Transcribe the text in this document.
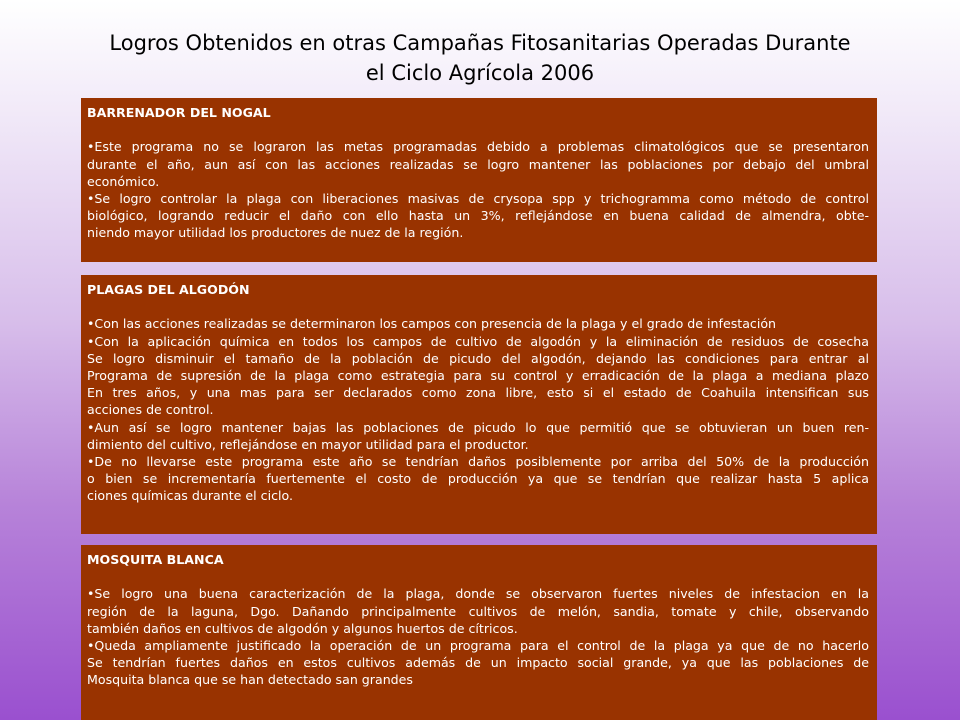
Logros Obtenidos en otras Campañas Fitosanitarias Operadas Durante
el Ciclo Agrícola 2006
BARRENADOR DEL NOGAL
•Este programa no se lograron las metas programadas debido a problemas climatológicos que se presentaron
durante el año, aun así con las acciones realizadas se logro mantener las poblaciones por debajo del umbral
económico.
•Se logro controlar la plaga con liberaciones masivas de crysopa spp y trichogramma como método de control
biológico, logrando reducir el daño con ello hasta un 3%, reflejándose en buena calidad de almendra, obte-
niendo mayor utilidad los productores de nuez de la región.
PLAGAS DEL ALGODÓN
•Con las acciones realizadas se determinaron los campos con presencia de la plaga y el grado de infestación
•Con la aplicación química en todos los campos de cultivo de algodón y la eliminación de residuos de cosecha
Se logro disminuir el tamaño de la población de picudo del algodón, dejando las condiciones para entrar al
Programa de supresión de la plaga como estrategia para su control y erradicación de la plaga a mediana plazo
En tres años, y una mas para ser declarados como zona libre, esto si el estado de Coahuila intensifican sus
acciones de control.
•Aun así se logro mantener bajas las poblaciones de picudo lo que permitió que se obtuvieran un buen ren-
dimiento del cultivo, reflejándose en mayor utilidad para el productor.
•De no llevarse este programa este año se tendrían daños posiblemente por arriba del 50% de la producción
o bien se incrementaría fuertemente el costo de producción ya que se tendrían que realizar hasta 5 aplica
ciones químicas durante el ciclo.
MOSQUITA BLANCA
•Se logro una buena caracterización de la plaga, donde se observaron fuertes niveles de infestacion en la
región de la laguna, Dgo. Dañando principalmente cultivos de melón, sandia, tomate y chile, observando
también daños en cultivos de algodón y algunos huertos de cítricos.
•Queda ampliamente justificado la operación de un programa para el control de la plaga ya que de no hacerlo
Se tendrían fuertes daños en estos cultivos además de un impacto social grande, ya que las poblaciones de
Mosquita blanca que se han detectado san grandes
